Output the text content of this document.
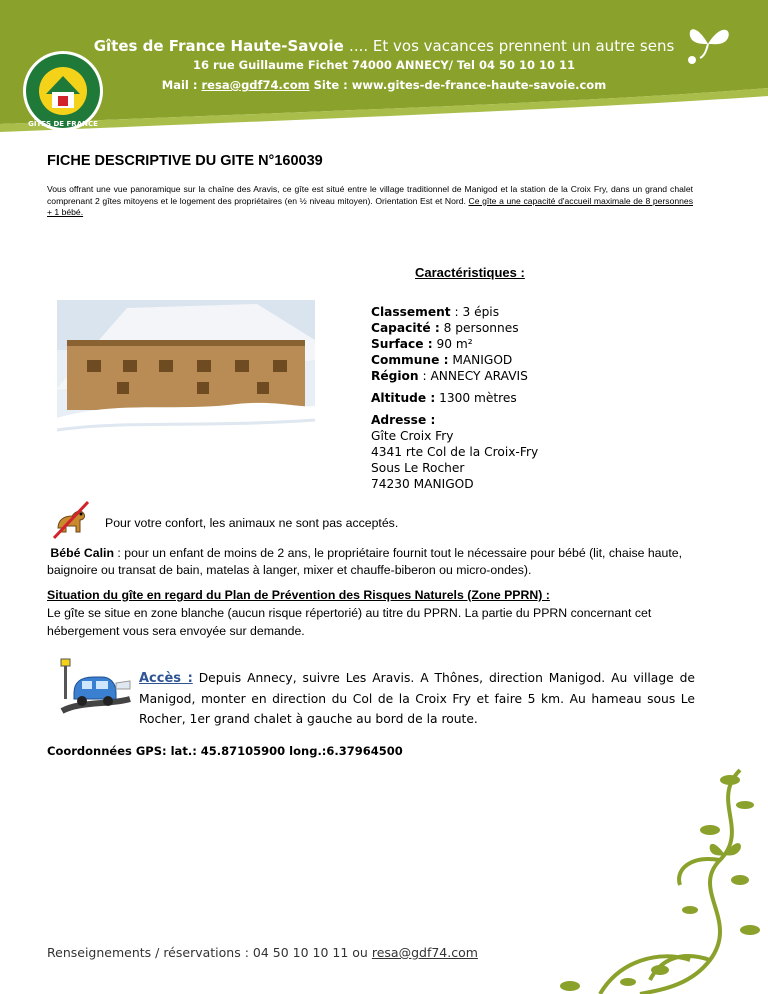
Gîtes de France Haute-Savoie .... Et vos vacances prennent un autre sens
16 rue Guillaume Fichet 74000 ANNECY/ Tel 04 50 10 10 11
Mail : resa@gdf74.com Site : www.gites-de-france-haute-savoie.com
GÎTES DE FRANCE
FICHE DESCRIPTIVE DU GITE N°160039
Vous offrant une vue panoramique sur la chaîne des Aravis, ce gîte est situé entre le village traditionnel de Manigod et la station de la Croix Fry, dans un grand chalet comprenant 2 gîtes mitoyens et le logement des propriétaires (en ½ niveau mitoyen). Orientation Est et Nord. Ce gîte a une capacité d'accueil maximale de 8 personnes + 1 bébé.
Caractéristiques :
Classement : 3 épis
Capacité : 8 personnes
Surface : 90 m²
Commune : MANIGOD
Région : ANNECY ARAVIS
Altitude : 1300 mètres
Adresse :
Gîte Croix Fry
4341 rte Col de la Croix-Fry
Sous Le Rocher
74230 MANIGOD
Pour votre confort, les animaux ne sont pas acceptés.
Bébé Calin : pour un enfant de moins de 2 ans, le propriétaire fournit tout le nécessaire pour bébé (lit, chaise haute, baignoire ou transat de bain, matelas à langer, mixer et chauffe-biberon ou micro-ondes).
Situation du gîte en regard du Plan de Prévention des Risques Naturels (Zone PPRN) :
Le gîte se situe en zone blanche (aucun risque répertorié) au titre du PPRN. La partie du PPRN concernant cet hébergement vous sera envoyée sur demande.
Accès : Depuis Annecy, suivre Les Aravis. A Thônes, direction Manigod. Au village de Manigod, monter en direction du Col de la Croix Fry et faire 5 km. Au hameau sous Le Rocher, 1er grand chalet à gauche au bord de la route.
Coordonnées GPS: lat.: 45.87105900 long.:6.37964500
Renseignements / réservations : 04 50 10 10 11 ou resa@gdf74.com
